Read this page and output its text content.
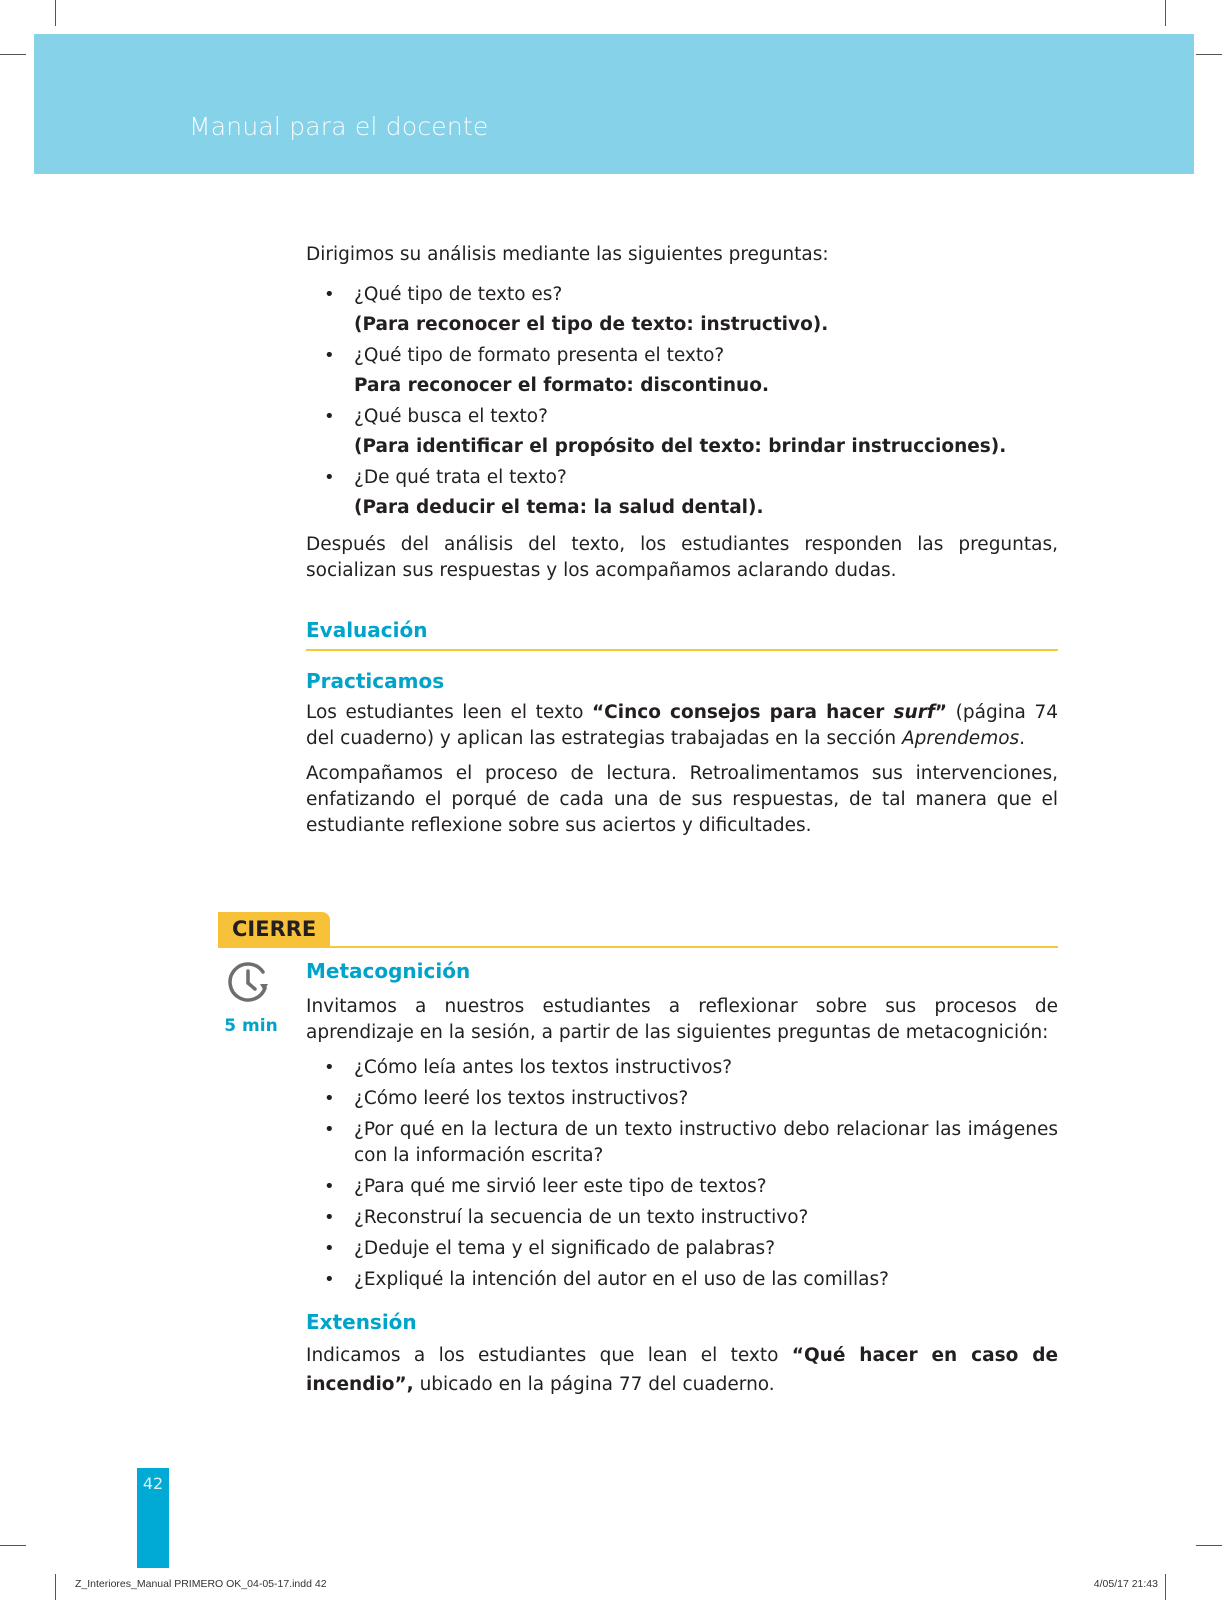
Manual para el docente

Dirigimos su análisis mediante las siguientes preguntas:

• ¿Qué tipo de texto es?
(Para reconocer el tipo de texto: instructivo).
• ¿Qué tipo de formato presenta el texto?
Para reconocer el formato: discontinuo.
• ¿Qué busca el texto?
(Para identificar el propósito del texto: brindar instrucciones).
• ¿De qué trata el texto?
(Para deducir el tema: la salud dental).

Después del análisis del texto, los estudiantes responden las preguntas, socializan sus respuestas y los acompañamos aclarando dudas.

Evaluación
Practicamos

Los estudiantes leen el texto “Cinco consejos para hacer surf” (página 74 del cuaderno) y aplican las estrategias trabajadas en la sección Aprendemos.

Acompañamos el proceso de lectura. Retroalimentamos sus intervenciones, enfatizando el porqué de cada una de sus respuestas, de tal manera que el estudiante reflexione sobre sus aciertos y dificultades.

CIERRE
5 min
Metacognición

Invitamos a nuestros estudiantes a reflexionar sobre sus procesos de aprendizaje en la sesión, a partir de las siguientes preguntas de metacognición:

• ¿Cómo leía antes los textos instructivos?
• ¿Cómo leeré los textos instructivos?
• ¿Por qué en la lectura de un texto instructivo debo relacionar las imágenes con la información escrita?
• ¿Para qué me sirvió leer este tipo de textos?
• ¿Reconstruí la secuencia de un texto instructivo?
• ¿Deduje el tema y el significado de palabras?
• ¿Expliqué la intención del autor en el uso de las comillas?
Extensión

Indicamos a los estudiantes que lean el texto “Qué hacer en caso de incendio”, ubicado en la página 77 del cuaderno.

42
Z_Interiores_Manual PRIMERO OK_04-05-17.indd 42	4/05/17 21:43
